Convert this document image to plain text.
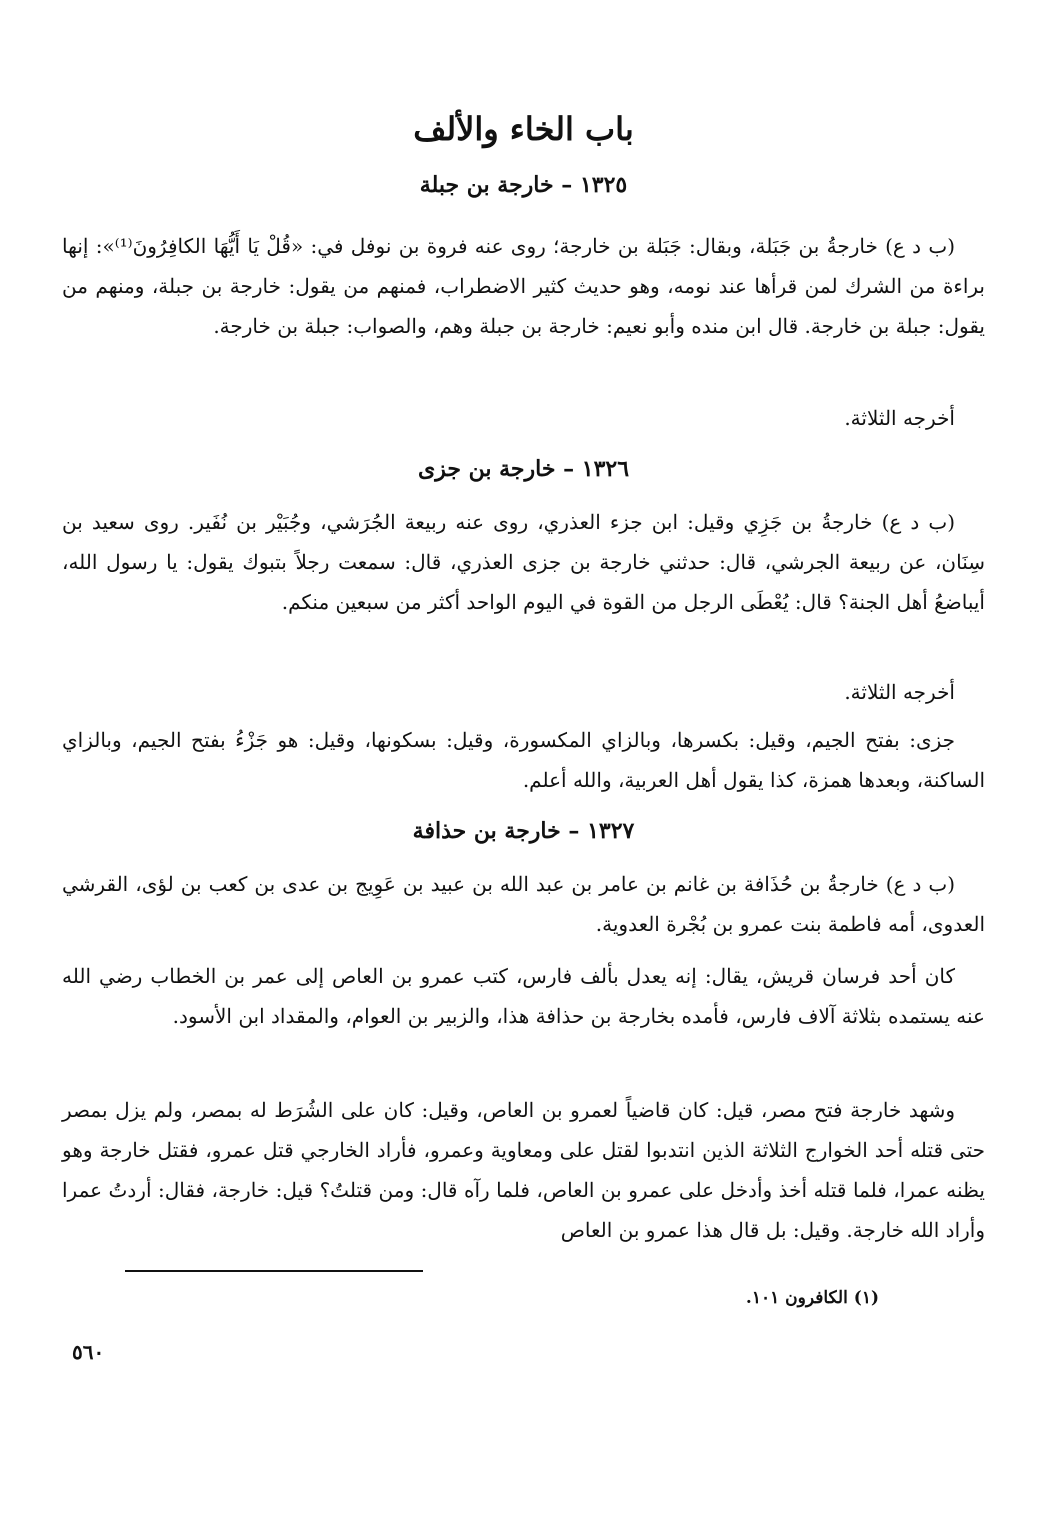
باب الخاء والألف
١٣٢٥ – خارجة بن جبلة

(ب د ع) خارجةُ بن جَبَلة، وبقال: جَبَلة بن خارجة؛ روى عنه فروة بن نوفل في: «قُلْ يَا أَيُّهَا الكافِرُونَ⁽¹⁾»: إنها براءة من الشرك لمن قرأها عند نومه، وهو حديث كثير الاضطراب، فمنهم من يقول: خارجة بن جبلة، ومنهم من يقول: جبلة بن خارجة. قال ابن منده وأبو نعيم: خارجة بن جبلة وهم، والصواب: جبلة بن خارجة.

أخرجه الثلاثة.

١٣٢٦ – خارجة بن جزى

(ب د ع) خارجةُ بن جَزِي وقيل: ابن جزء العذري، روى عنه ربيعة الجُرَشي، وجُبَيْر بن نُفَير. روى سعيد بن سِنَان، عن ربيعة الجرشي، قال: حدثني خارجة بن جزى العذري، قال: سمعت رجلاً بتبوك يقول: يا رسول الله، أيباضعُ أهل الجنة؟ قال: يُعْطَى الرجل من القوة في اليوم الواحد أكثر من سبعين منكم.

أخرجه الثلاثة.

جزى: بفتح الجيم، وقيل: بكسرها، وبالزاي المكسورة، وقيل: بسكونها، وقيل: هو جَزْءُ بفتح الجيم، وبالزاي الساكنة، وبعدها همزة، كذا يقول أهل العربية، والله أعلم.

١٣٢٧ – خارجة بن حذافة

(ب د ع) خارجةُ بن حُذَافة بن غانم بن عامر بن عبد الله بن عبيد بن عَوِيج بن عدى بن كعب بن لؤى، القرشي العدوى، أمه فاطمة بنت عمرو بن بُجْرة العدوية.

كان أحد فرسان قريش، يقال: إنه يعدل بألف فارس، كتب عمرو بن العاص إلى عمر بن الخطاب رضي الله عنه يستمده بثلاثة آلاف فارس، فأمده بخارجة بن حذافة هذا، والزبير بن العوام، والمقداد ابن الأسود.

وشهد خارجة فتح مصر، قيل: كان قاضياً لعمرو بن العاص، وقيل: كان على الشُرَط له بمصر، ولم يزل بمصر حتى قتله أحد الخوارج الثلاثة الذين انتدبوا لقتل على ومعاوية وعمرو، فأراد الخارجي قتل عمرو، فقتل خارجة وهو يظنه عمرا، فلما قتله أخذ وأدخل على عمرو بن العاص، فلما رآه قال: ومن قتلتُ؟ قيل: خارجة، فقال: أردتُ عمرا وأراد الله خارجة. وقيل: بل قال هذا عمرو بن العاص

(١) الكافرون ١٠١.

٥٦٠
